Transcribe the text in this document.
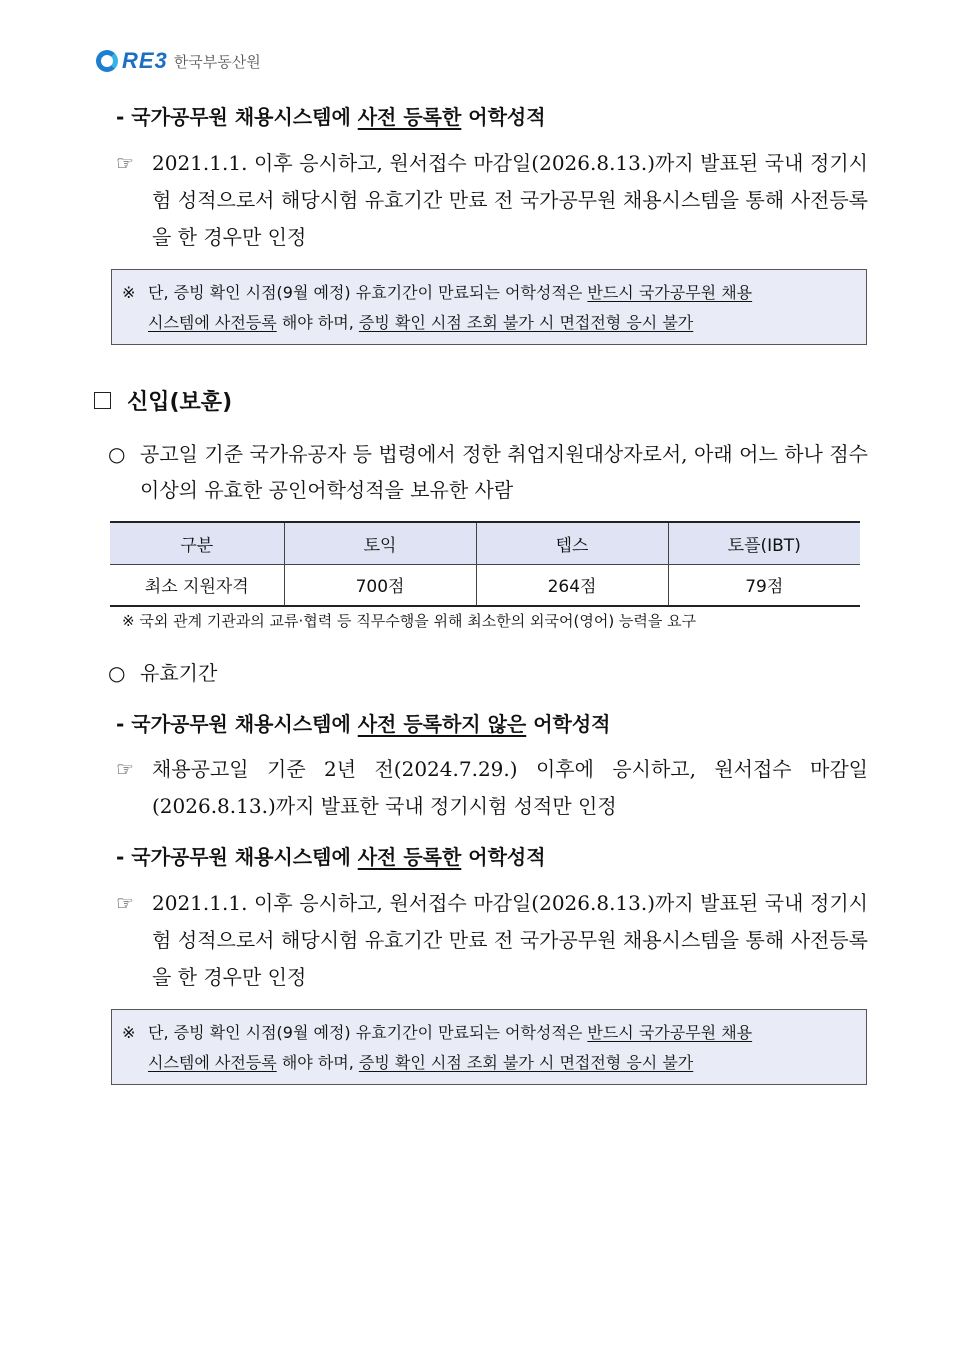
RE3 한국부동산원
- 국가공무원 채용시스템에 사전 등록한 어학성적
☞ 2021.1.1. 이후 응시하고, 원서접수 마감일(2026.8.13.)까지 발표된 국내 정기시험 성적으로서 해당시험 유효기간 만료 전 국가공무원 채용시스템을 통해 사전등록을 한 경우만 인정
※ 단, 증빙 확인 시점(9월 예정) 유효기간이 만료되는 어학성적은 반드시 국가공무원 채용
시스템에 사전등록 해야 하며, 증빙 확인 시점 조회 불가 시 면접전형 응시 불가
신입(보훈)
○ 공고일 기준 국가유공자 등 법령에서 정한 취업지원대상자로서, 아래 어느 하나 점수 이상의 유효한 공인어학성적을 보유한 사람
구분	토익	텝스	토플(IBT)
최소 지원자격	700점	264점	79점
※ 국외 관계 기관과의 교류·협력 등 직무수행을 위해 최소한의 외국어(영어) 능력을 요구
○ 유효기간
- 국가공무원 채용시스템에 사전 등록하지 않은 어학성적
☞ 채용공고일 기준 2년 전(2024.7.29.) 이후에 응시하고, 원서접수 마감일(2026.8.13.)까지 발표한 국내 정기시험 성적만 인정
- 국가공무원 채용시스템에 사전 등록한 어학성적
☞ 2021.1.1. 이후 응시하고, 원서접수 마감일(2026.8.13.)까지 발표된 국내 정기시험 성적으로서 해당시험 유효기간 만료 전 국가공무원 채용시스템을 통해 사전등록을 한 경우만 인정
※ 단, 증빙 확인 시점(9월 예정) 유효기간이 만료되는 어학성적은 반드시 국가공무원 채용
시스템에 사전등록 해야 하며, 증빙 확인 시점 조회 불가 시 면접전형 응시 불가
